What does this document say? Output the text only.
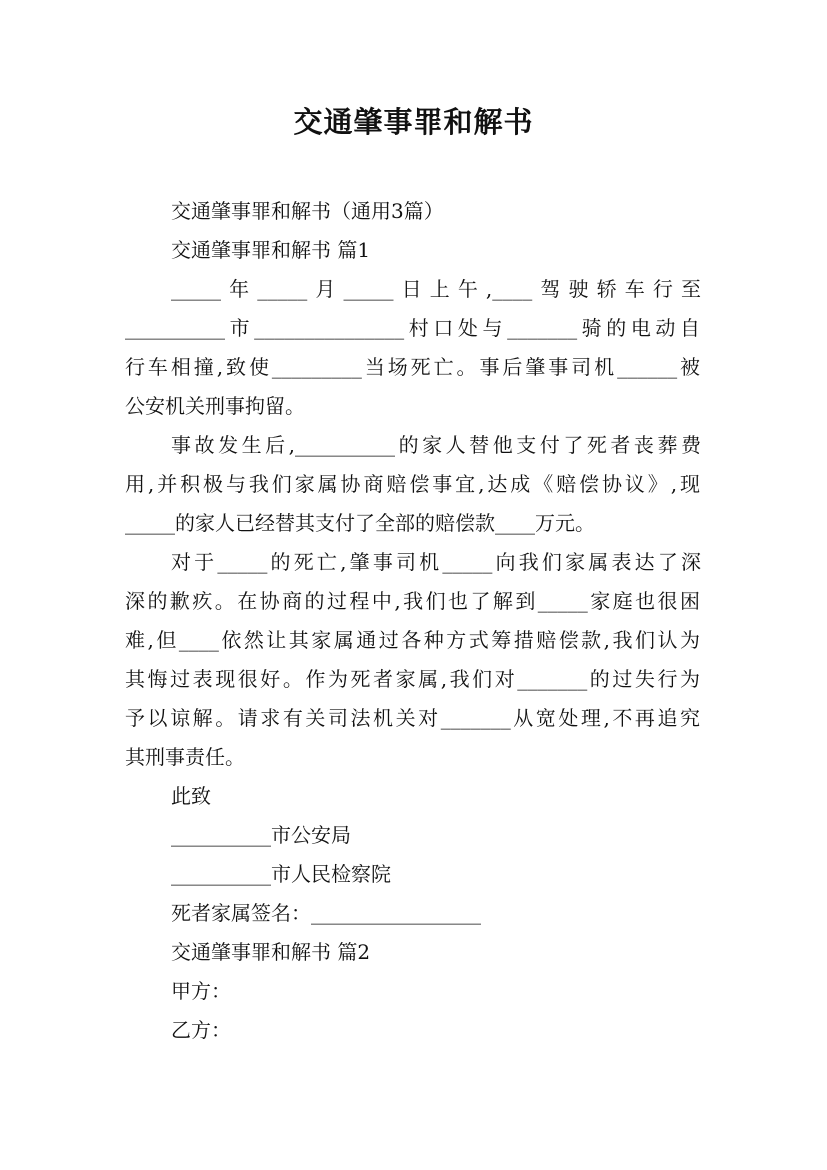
交通肇事罪和解书

交通肇事罪和解书（通用3篇）

交通肇事罪和解书 篇1

_____年_____月_____日上午,____驾驶轿车行至

__________市_______________村口处与_______骑的电动自

行车相撞,致使_________当场死亡。事后肇事司机______被

公安机关刑事拘留。

事故发生后,__________的家人替他支付了死者丧葬费

用,并积极与我们家属协商赔偿事宜,达成《赔偿协议》,现

_____的家人已经替其支付了全部的赔偿款____万元。

对于_____的死亡,肇事司机_____向我们家属表达了深

深的歉疚。在协商的过程中,我们也了解到_____家庭也很困

难,但____依然让其家属通过各种方式筹措赔偿款,我们认为

其悔过表现很好。作为死者家属,我们对_______的过失行为

予以谅解。请求有关司法机关对_______从宽处理,不再追究

其刑事责任。

此致

__________市公安局

__________市人民检察院

死者家属签名：_________________

交通肇事罪和解书 篇2

甲方：

乙方：
